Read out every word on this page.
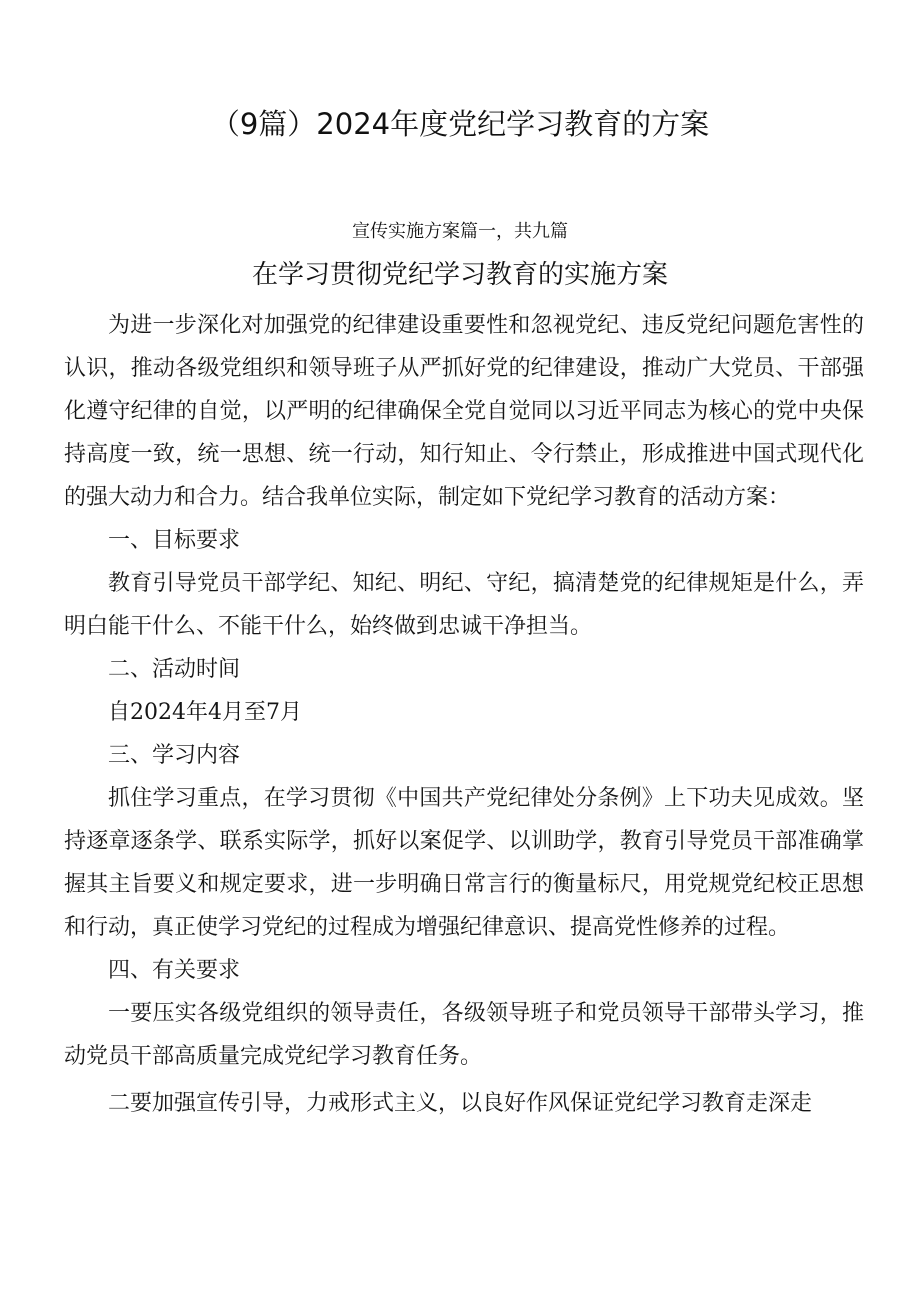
（9篇）2024年度党纪学习教育的方案
宣传实施方案篇一，共九篇
在学习贯彻党纪学习教育的实施方案

为进一步深化对加强党的纪律建设重要性和忽视党纪、违反党纪问题危害性的认识，推动各级党组织和领导班子从严抓好党的纪律建设，推动广大党员、干部强化遵守纪律的自觉，以严明的纪律确保全党自觉同以习近平同志为核心的党中央保持高度一致，统一思想、统一行动，知行知止、令行禁止，形成推进中国式现代化的强大动力和合力。结合我单位实际，制定如下党纪学习教育的活动方案：

一、目标要求

教育引导党员干部学纪、知纪、明纪、守纪，搞清楚党的纪律规矩是什么，弄明白能干什么、不能干什么，始终做到忠诚干净担当。

二、活动时间

自2024年4月至7月

三、学习内容

抓住学习重点，在学习贯彻《中国共产党纪律处分条例》上下功夫见成效。坚持逐章逐条学、联系实际学，抓好以案促学、以训助学，教育引导党员干部准确掌握其主旨要义和规定要求，进一步明确日常言行的衡量标尺，用党规党纪校正思想和行动，真正使学习党纪的过程成为增强纪律意识、提高党性修养的过程。

四、有关要求

一要压实各级党组织的领导责任，各级领导班子和党员领导干部带头学习，推动党员干部高质量完成党纪学习教育任务。

二要加强宣传引导，力戒形式主义，以良好作风保证党纪学习教育走深走
